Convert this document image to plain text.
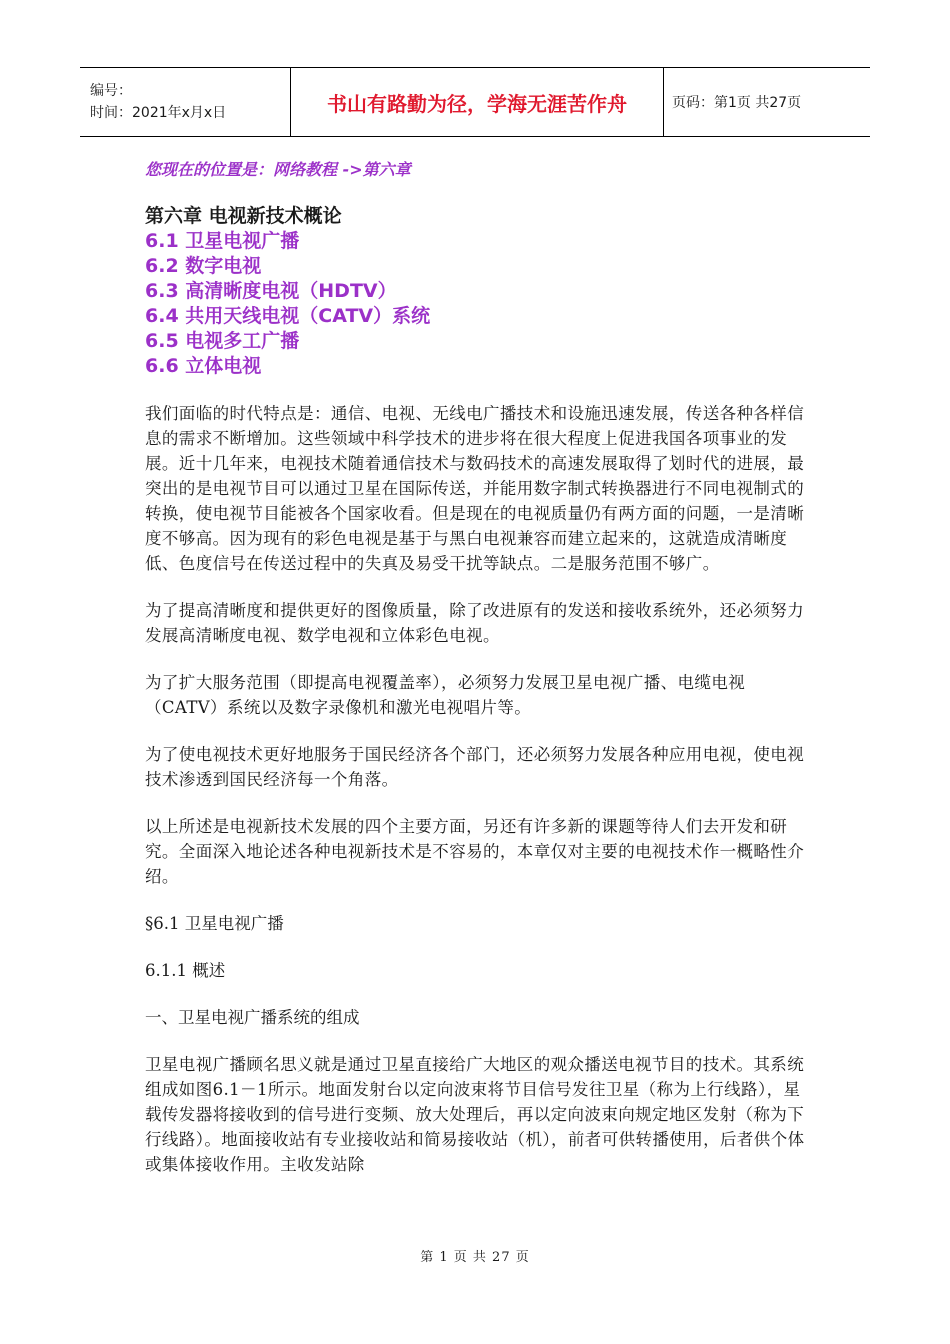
编号：
时间：2021年x月x日	书山有路勤为径，学海无涯苦作舟	页码：第1页 共27页
您现在的位置是：网络教程 ->第六章
第六章 电视新技术概论
6.1 卫星电视广播
6.2 数字电视
6.3 高清晰度电视（HDTV）
6.4 共用天线电视（CATV）系统
6.5 电视多工广播
6.6 立体电视

我们面临的时代特点是：通信、电视、无线电广播技术和设施迅速发展，传送各种各样信息的需求不断增加。这些领域中科学技术的进步将在很大程度上促进我国各项事业的发展。近十几年来，电视技术随着通信技术与数码技术的高速发展取得了划时代的进展，最突出的是电视节目可以通过卫星在国际传送，并能用数字制式转换器进行不同电视制式的转换，使电视节目能被各个国家收看。但是现在的电视质量仍有两方面的问题，一是清晰度不够高。因为现有的彩色电视是基于与黑白电视兼容而建立起来的，这就造成清晰度低、色度信号在传送过程中的失真及易受干扰等缺点。二是服务范围不够广。

为了提高清晰度和提供更好的图像质量，除了改进原有的发送和接收系统外，还必须努力发展高清晰度电视、数学电视和立体彩色电视。

为了扩大服务范围（即提高电视覆盖率），必须努力发展卫星电视广播、电缆电视（CATV）系统以及数字录像机和激光电视唱片等。

为了使电视技术更好地服务于国民经济各个部门，还必须努力发展各种应用电视，使电视技术渗透到国民经济每一个角落。

以上所述是电视新技术发展的四个主要方面，另还有许多新的课题等待人们去开发和研究。全面深入地论述各种电视新技术是不容易的，本章仅对主要的电视技术作一概略性介绍。

§6.1 卫星电视广播

6.1.1 概述

一、卫星电视广播系统的组成

卫星电视广播顾名思义就是通过卫星直接给广大地区的观众播送电视节目的技术。其系统组成如图6.1－1所示。地面发射台以定向波束将节目信号发往卫星（称为上行线路），星载传发器将接收到的信号进行变频、放大处理后，再以定向波束向规定地区发射（称为下行线路）。地面接收站有专业接收站和简易接收站（机），前者可供转播使用，后者供个体或集体接收作用。主收发站除

第 1 页 共 27 页
